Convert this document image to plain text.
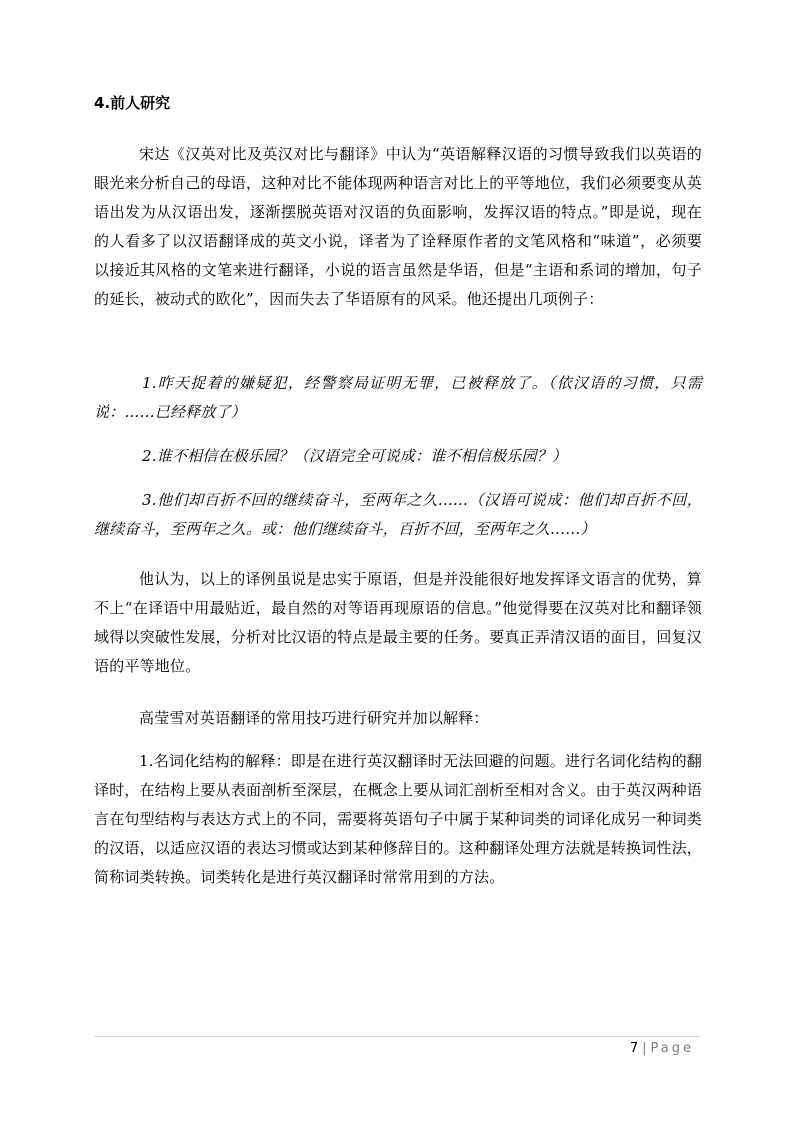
4.前人研究

宋达《汉英对比及英汉对比与翻译》中认为“英语解释汉语的习惯导致我们以英语的眼光来分析自己的母语，这种对比不能体现两种语言对比上的平等地位，我们必须要变从英语出发为从汉语出发，逐渐摆脱英语对汉语的负面影响，发挥汉语的特点。”即是说，现在的人看多了以汉语翻译成的英文小说，译者为了诠释原作者的文笔风格和“味道”，必须要以接近其风格的文笔来进行翻译，小说的语言虽然是华语，但是“主语和系词的增加，句子的延长，被动式的欧化”，因而失去了华语原有的风采。他还提出几项例子：

1.昨天捉着的嫌疑犯，经警察局证明无罪，已被释放了。（依汉语的习惯，只需说：……已经释放了）

2.谁不相信在极乐园？（汉语完全可说成：谁不相信极乐园？）

3.他们却百折不回的继续奋斗，至两年之久……（汉语可说成：他们却百折不回，继续奋斗，至两年之久。或：他们继续奋斗，百折不回，至两年之久……）

他认为，以上的译例虽说是忠实于原语，但是并没能很好地发挥译文语言的优势，算不上“在译语中用最贴近，最自然的对等语再现原语的信息。”他觉得要在汉英对比和翻译领域得以突破性发展，分析对比汉语的特点是最主要的任务。要真正弄清汉语的面目，回复汉语的平等地位。

高莹雪对英语翻译的常用技巧进行研究并加以解释：

1.名词化结构的解释：即是在进行英汉翻译时无法回避的问题。进行名词化结构的翻译时，在结构上要从表面剖析至深层，在概念上要从词汇剖析至相对含义。由于英汉两种语言在句型结构与表达方式上的不同，需要将英语句子中属于某种词类的词译化成另一种词类的汉语，以适应汉语的表达习惯或达到某种修辞目的。这种翻译处理方法就是转换词性法，简称词类转换。词类转化是进行英汉翻译时常常用到的方法。

7 | Page
